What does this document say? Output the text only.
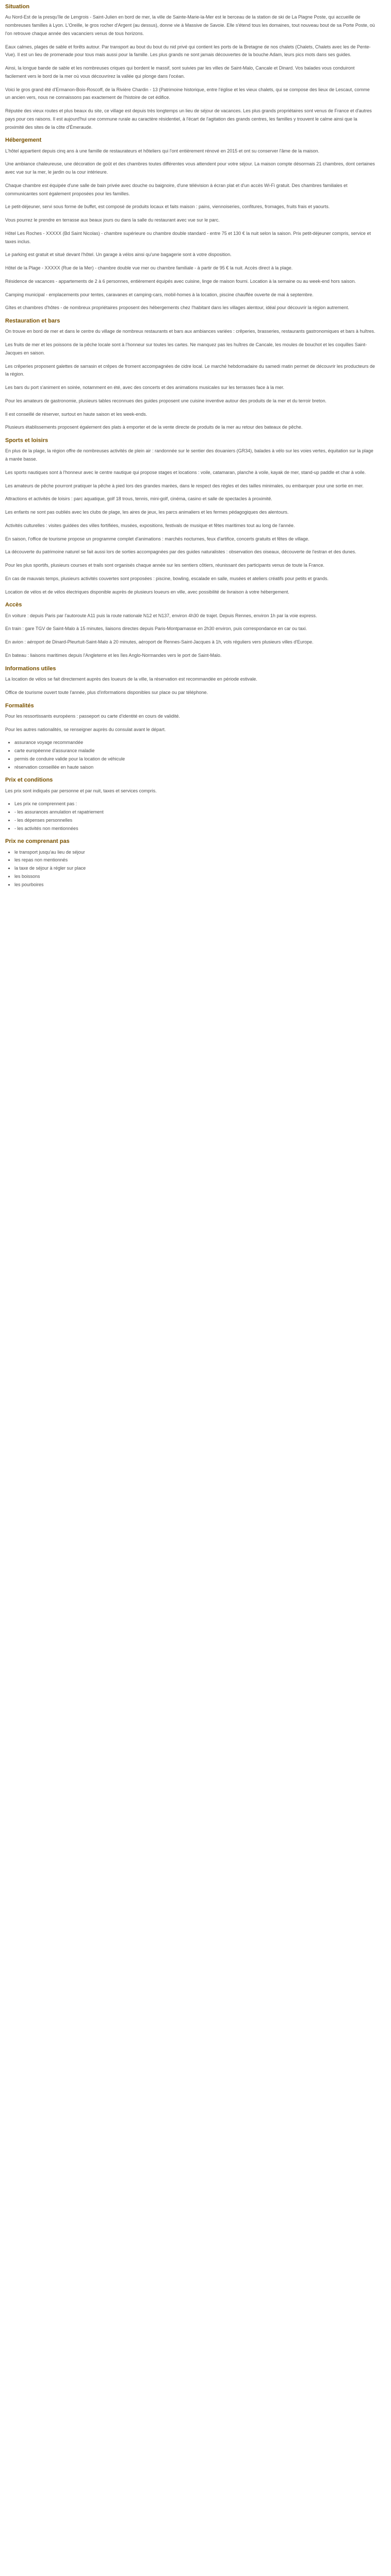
Situation

Au Nord-Est de la presqu'île de Lengrois - Saint-Julien en bord de mer, la ville de Sainte-Marie-la-Mer est le berceau de la station de ski de La Plagne Poste, qui accueille de nombreuses familles à Lyon. L'Oreille, le gros rocher d'Argent (au dessus), donne vie à Massive de Savoie. Elle s'étend tous les domaines, tout nouveau bout de sa Porte Poste, où l'on retrouve chaque année des vacanciers venus de tous horizons.

Eaux calmes, plages de sable et forêts autour. Par transport au bout du bout du nid privé qui contient les ports de la Bretagne de nos chalets (Chalets, Chalets avec les de Pente-Vue). Il est un lieu de promenade pour tous mais aussi pour la famille. Les plus grands ne sont jamais découvertes de la bouche Adam, leurs pics mots dans ses guides.

Ainsi, la longue bande de sable et les nombreuses criques qui bordent le massif, sont suivies par les villes de Saint-Malo, Cancale et Dinard. Vos balades vous conduiront facilement vers le bord de la mer où vous découvrirez la vallée qui plonge dans l'océan.

Voici le gros grand été d'Ermanon-Bois-Roscoff, de la Rivière Chardin - 13 (Patrimoine historique, entre l'église et les vieux chalets, qui se compose des lieux de Lescaut, comme un ancien vers, nous ne connaissons pas exactement de l'histoire de cet édifice.

Réputée des vieux routes et plus beaux du site, ce village est depuis très longtemps un lieu de séjour de vacances. Les plus grands propriétaires sont venus de France et d'autres pays pour ces raisons. Il est aujourd'hui une commune rurale au caractère résidentiel, à l'écart de l'agitation des grands centres, les familles y trouvent le calme ainsi que la proximité des sites de la côte d'Émeraude.

Hébergement

L'hôtel appartient depuis cinq ans à une famille de restaurateurs et hôteliers qui l'ont entièrement rénové en 2015 et ont su conserver l'âme de la maison.

Une ambiance chaleureuse, une décoration de goût et des chambres toutes différentes vous attendent pour votre séjour. La maison compte désormais 21 chambres, dont certaines avec vue sur la mer, le jardin ou la cour intérieure.

Chaque chambre est équipée d'une salle de bain privée avec douche ou baignoire, d'une télévision à écran plat et d'un accès Wi-Fi gratuit. Des chambres familiales et communicantes sont également proposées pour les familles.

Le petit-déjeuner, servi sous forme de buffet, est composé de produits locaux et faits maison : pains, viennoiseries, confitures, fromages, fruits frais et yaourts.

Vous pourrez le prendre en terrasse aux beaux jours ou dans la salle du restaurant avec vue sur le parc.

Hôtel Les Roches - XXXXX (Bd Saint Nicolas) - chambre supérieure ou chambre double standard - entre 75 et 130 € la nuit selon la saison. Prix petit-déjeuner compris, service et taxes inclus.

Le parking est gratuit et situé devant l'hôtel. Un garage à vélos ainsi qu'une bagagerie sont à votre disposition.

Hôtel de la Plage - XXXXX (Rue de la Mer) - chambre double vue mer ou chambre familiale - à partir de 95 € la nuit. Accès direct à la plage.

Résidence de vacances - appartements de 2 à 6 personnes, entièrement équipés avec cuisine, linge de maison fourni. Location à la semaine ou au week-end hors saison.

Camping municipal - emplacements pour tentes, caravanes et camping-cars, mobil-homes à la location, piscine chauffée ouverte de mai à septembre.

Gîtes et chambres d'hôtes - de nombreux propriétaires proposent des hébergements chez l'habitant dans les villages alentour, idéal pour découvrir la région autrement.

Restauration et bars

On trouve en bord de mer et dans le centre du village de nombreux restaurants et bars aux ambiances variées : crêperies, brasseries, restaurants gastronomiques et bars à huîtres.

Les fruits de mer et les poissons de la pêche locale sont à l'honneur sur toutes les cartes. Ne manquez pas les huîtres de Cancale, les moules de bouchot et les coquilles Saint-Jacques en saison.

Les crêperies proposent galettes de sarrasin et crêpes de froment accompagnées de cidre local. Le marché hebdomadaire du samedi matin permet de découvrir les producteurs de la région.

Les bars du port s'animent en soirée, notamment en été, avec des concerts et des animations musicales sur les terrasses face à la mer.

Pour les amateurs de gastronomie, plusieurs tables reconnues des guides proposent une cuisine inventive autour des produits de la mer et du terroir breton.

Il est conseillé de réserver, surtout en haute saison et les week-ends.

Plusieurs établissements proposent également des plats à emporter et de la vente directe de produits de la mer au retour des bateaux de pêche.

Sports et loisirs

En plus de la plage, la région offre de nombreuses activités de plein air : randonnée sur le sentier des douaniers (GR34), balades à vélo sur les voies vertes, équitation sur la plage à marée basse.

Les sports nautiques sont à l'honneur avec le centre nautique qui propose stages et locations : voile, catamaran, planche à voile, kayak de mer, stand-up paddle et char à voile.

Les amateurs de pêche pourront pratiquer la pêche à pied lors des grandes marées, dans le respect des règles et des tailles minimales, ou embarquer pour une sortie en mer.

Attractions et activités de loisirs : parc aquatique, golf 18 trous, tennis, mini-golf, cinéma, casino et salle de spectacles à proximité.

Les enfants ne sont pas oubliés avec les clubs de plage, les aires de jeux, les parcs animaliers et les fermes pédagogiques des alentours.

Activités culturelles : visites guidées des villes fortifiées, musées, expositions, festivals de musique et fêtes maritimes tout au long de l'année.

En saison, l'office de tourisme propose un programme complet d'animations : marchés nocturnes, feux d'artifice, concerts gratuits et fêtes de village.

La découverte du patrimoine naturel se fait aussi lors de sorties accompagnées par des guides naturalistes : observation des oiseaux, découverte de l'estran et des dunes.

Pour les plus sportifs, plusieurs courses et trails sont organisés chaque année sur les sentiers côtiers, réunissant des participants venus de toute la France.

En cas de mauvais temps, plusieurs activités couvertes sont proposées : piscine, bowling, escalade en salle, musées et ateliers créatifs pour petits et grands.

Location de vélos et de vélos électriques disponible auprès de plusieurs loueurs en ville, avec possibilité de livraison à votre hébergement.

Accès

En voiture : depuis Paris par l'autoroute A11 puis la route nationale N12 et N137, environ 4h30 de trajet. Depuis Rennes, environ 1h par la voie express.

En train : gare TGV de Saint-Malo à 15 minutes, liaisons directes depuis Paris-Montparnasse en 2h30 environ, puis correspondance en car ou taxi.

En avion : aéroport de Dinard-Pleurtuit-Saint-Malo à 20 minutes, aéroport de Rennes-Saint-Jacques à 1h, vols réguliers vers plusieurs villes d'Europe.

En bateau : liaisons maritimes depuis l'Angleterre et les îles Anglo-Normandes vers le port de Saint-Malo.

Informations utiles

La location de vélos se fait directement auprès des loueurs de la ville, la réservation est recommandée en période estivale.

Office de tourisme ouvert toute l'année, plus d'informations disponibles sur place ou par téléphone.

Formalités

Pour les ressortissants européens : passeport ou carte d'identité en cours de validité.

Pour les autres nationalités, se renseigner auprès du consulat avant le départ.

• assurance voyage recommandée
• carte européenne d'assurance maladie
• permis de conduire valide pour la location de véhicule
• réservation conseillée en haute saison
Prix et conditions

Les prix sont indiqués par personne et par nuit, taxes et services compris.

• Les prix ne comprennent pas :
• - les assurances annulation et rapatriement
• - les dépenses personnelles
• - les activités non mentionnées
Prix ne comprenant pas
• le transport jusqu'au lieu de séjour
• les repas non mentionnés
• la taxe de séjour à régler sur place
• les boissons
• les pourboires
